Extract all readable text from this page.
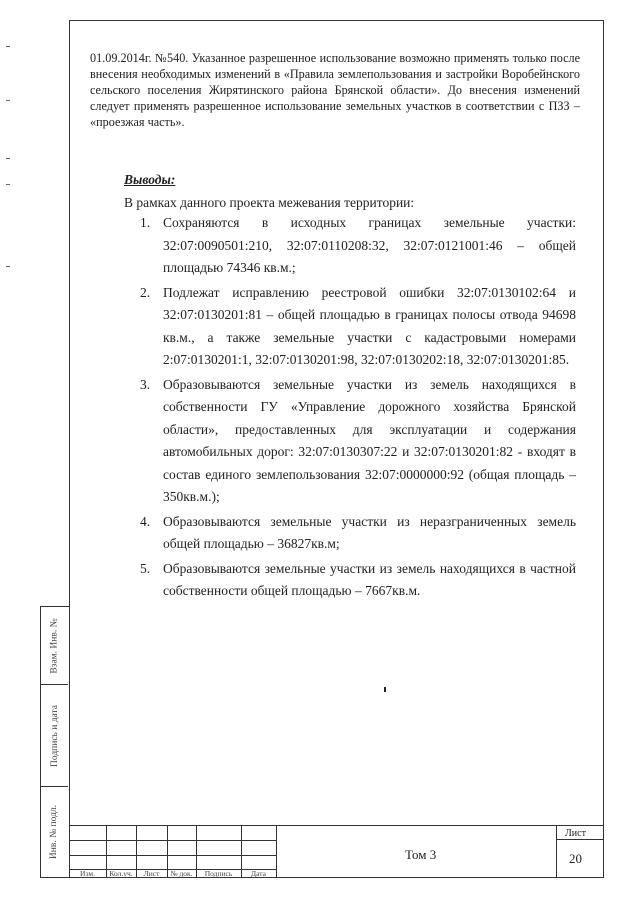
01.09.2014г. №540. Указанное разрешенное использование возможно применять только после внесения необходимых изменений в «Правила землепользования и застройки Воробейнского сельского поселения Жирятинского района Брянской области». До внесения изменений следует применять разрешенное использование земельных участков в соответствии с ПЗЗ – «проезжая часть».

Выводы:

В рамках данного проекта межевания территории:

1. Сохраняются в исходных границах земельные участки: 32:07:0090501:210, 32:07:0110208:32, 32:07:0121001:46 – общей площадью 74346 кв.м.;
2. Подлежат исправлению реестровой ошибки 32:07:0130102:64 и 32:07:0130201:81 – общей площадью в границах полосы отвода 94698 кв.м., а также земельные участки с кадастровыми номерами 2:07:0130201:1, 32:07:0130201:98, 32:07:0130202:18, 32:07:0130201:85.
3. Образовываются земельные участки из земель находящихся в собственности ГУ «Управление дорожного хозяйства Брянской области», предоставленных для эксплуатации и содержания автомобильных дорог: 32:07:0130307:22 и 32:07:0130201:82 - входят в состав единого землепользования 32:07:0000000:92 (общая площадь – 350кв.м.);
4. Образовываются земельные участки из неразграниченных земель общей площадью – 36827кв.м;
5. Образовываются земельные участки из земель находящихся в частной собственности общей площадью – 7667кв.м.
Взам. Инв. №
Подпись и дата
Инв. № подл.
Изм.	Кол.уч.	Лист	№ док.	Подпись	Дата
Том 3
Лист
20
